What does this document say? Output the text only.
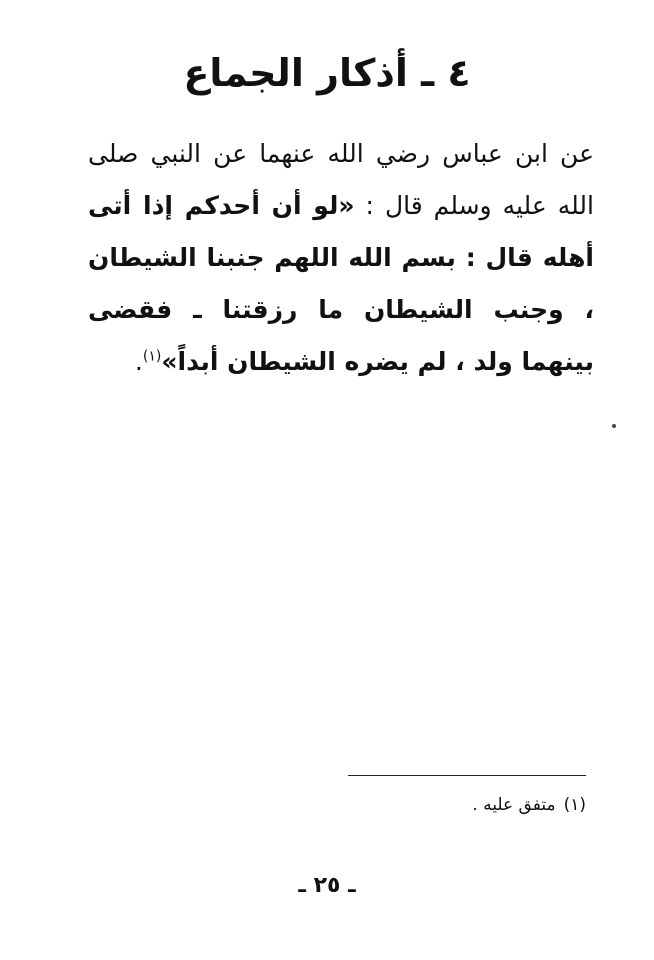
٤ ـ أذكار الجماع

عن ابن عباس رضي الله عنهما عن النبي صلى الله عليه وسلم قال : «لو أن أحدكم إذا أتى أهله قال : بسم الله اللهم جنبنا الشيطان ، وجنب الشيطان ما رزقتنا ـ فقضى بينهما ولد ، لم يضره الشيطان أبداً»$^{(١)}$.

(١)متفق عليه .

ـ ٢٥ ـ
